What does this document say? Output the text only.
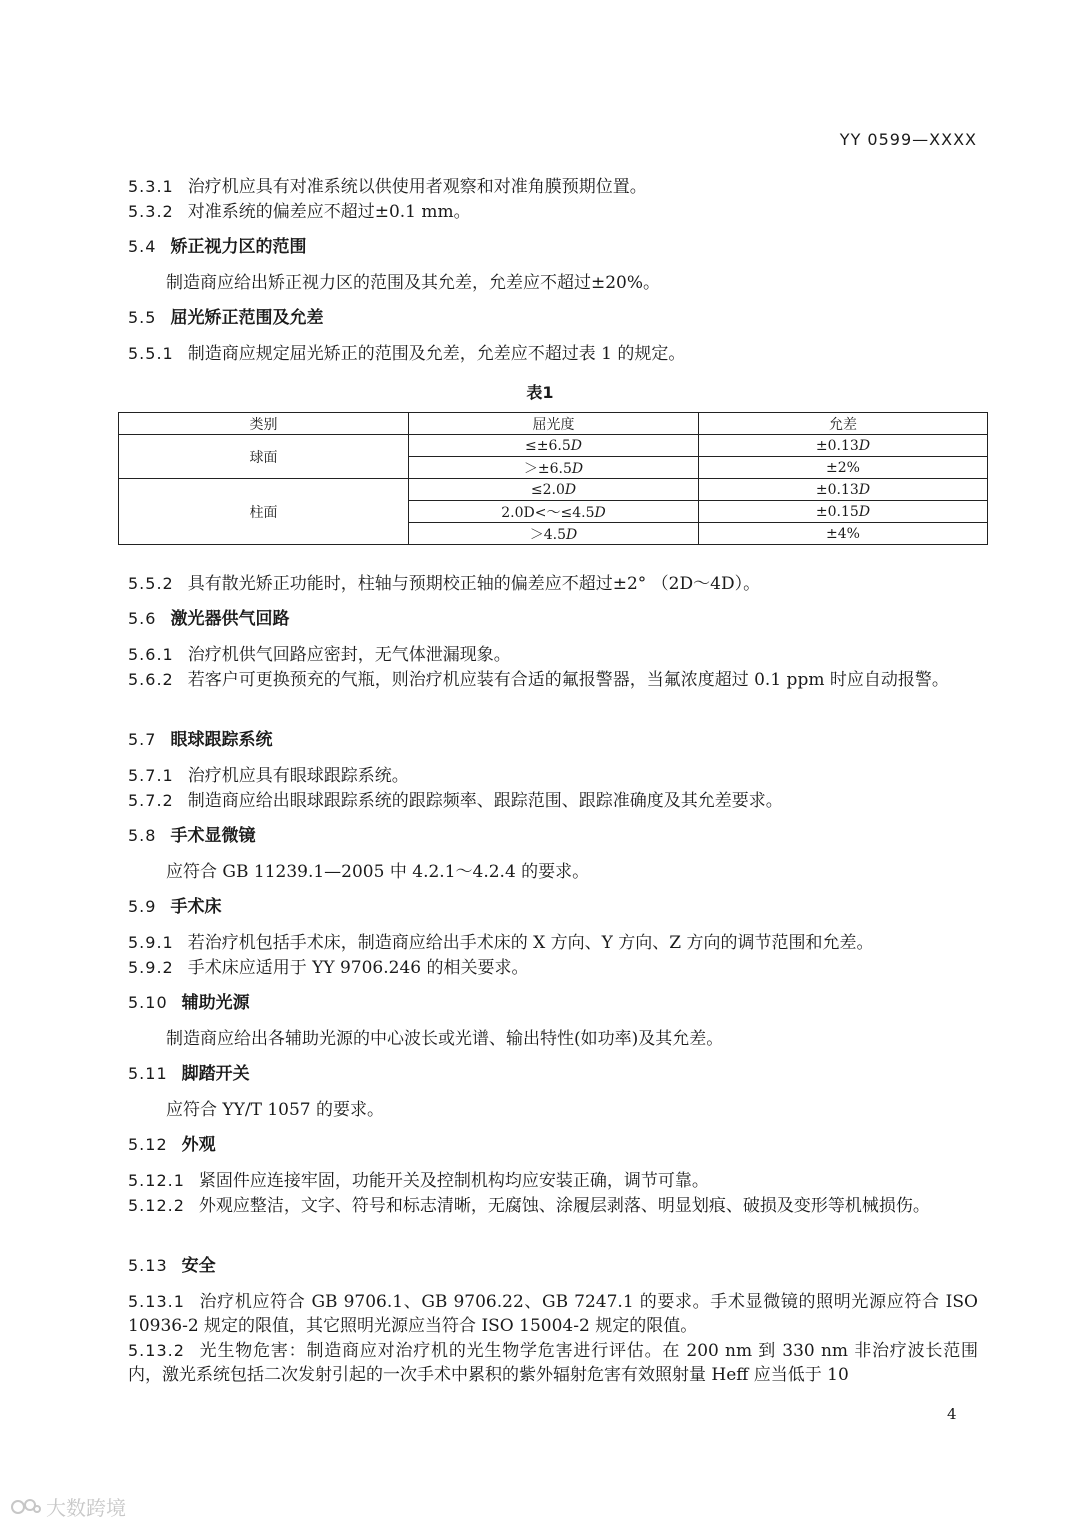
YY 0599—XXXX
5.3.1 治疗机应具有对准系统以供使用者观察和对准角膜预期位置。
5.3.2 对准系统的偏差应不超过±0.1 mm。
5.4 矫正视力区的范围
制造商应给出矫正视力区的范围及其允差，允差应不超过±20%。
5.5 屈光矫正范围及允差
5.5.1 制造商应规定屈光矫正的范围及允差，允差应不超过表 1 的规定。
表1
类别	屈光度	允差
球面	≤±6.5D	±0.13D
	＞±6.5D	±2%
柱面	≤2.0D	±0.13D
	2.0D<～≤4.5D	±0.15D
	＞4.5D	±4%
5.5.2 具有散光矫正功能时，柱轴与预期校正轴的偏差应不超过±2° （2D～4D）。
5.6 激光器供气回路
5.6.1 治疗机供气回路应密封，无气体泄漏现象。
5.6.2 若客户可更换预充的气瓶，则治疗机应装有合适的氟报警器，当氟浓度超过 0.1 ppm 时应自动报警。
5.7 眼球跟踪系统
5.7.1 治疗机应具有眼球跟踪系统。
5.7.2 制造商应给出眼球跟踪系统的跟踪频率、跟踪范围、跟踪准确度及其允差要求。
5.8 手术显微镜
应符合 GB 11239.1—2005 中 4.2.1～4.2.4 的要求。
5.9 手术床
5.9.1 若治疗机包括手术床，制造商应给出手术床的 X 方向、Y 方向、Z 方向的调节范围和允差。
5.9.2 手术床应适用于 YY 9706.246 的相关要求。
5.10 辅助光源
制造商应给出各辅助光源的中心波长或光谱、输出特性(如功率)及其允差。
5.11 脚踏开关
应符合 YY/T 1057 的要求。
5.12 外观
5.12.1 紧固件应连接牢固，功能开关及控制机构均应安装正确，调节可靠。
5.12.2 外观应整洁，文字、符号和标志清晰，无腐蚀、涂履层剥落、明显划痕、破损及变形等机械损伤。
5.13 安全
5.13.1 治疗机应符合 GB 9706.1、GB 9706.22、GB 7247.1 的要求。手术显微镜的照明光源应符合 ISO 10936-2 规定的限值，其它照明光源应当符合 ISO 15004-2 规定的限值。
5.13.2 光生物危害：制造商应对治疗机的光生物学危害进行评估。在 200 nm 到 330 nm 非治疗波长范围内，激光系统包括二次发射引起的一次手术中累积的紫外辐射危害有效照射量 Heff 应当低于 10
4
大数跨境
